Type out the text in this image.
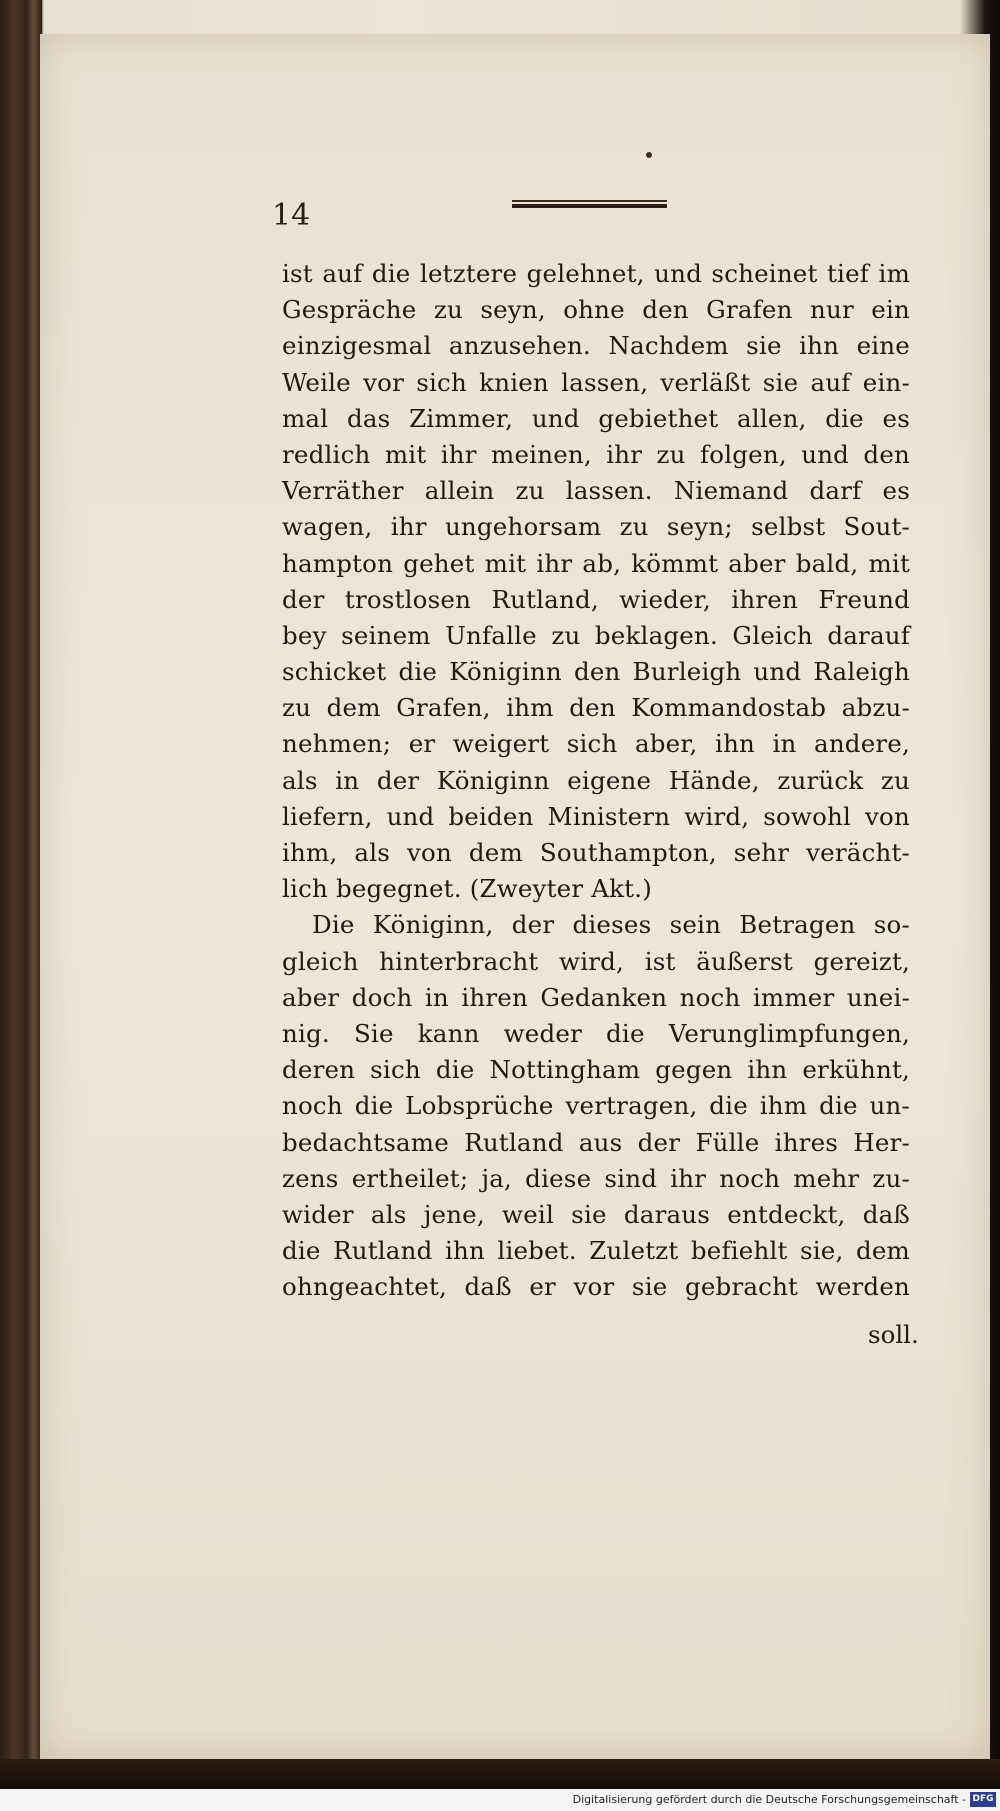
14
ist auf die letztere gelehnet, und scheinet tief im
Gespräche zu seyn, ohne den Grafen nur ein
einzigesmal anzusehen. Nachdem sie ihn eine
Weile vor sich knien lassen, verläßt sie auf ein-
mal das Zimmer, und gebiethet allen, die es
redlich mit ihr meinen, ihr zu folgen, und den
Verräther allein zu lassen. Niemand darf es
wagen, ihr ungehorsam zu seyn; selbst Sout-
hampton gehet mit ihr ab, kömmt aber bald, mit
der trostlosen Rutland, wieder, ihren Freund
bey seinem Unfalle zu beklagen. Gleich darauf
schicket die Königinn den Burleigh und Raleigh
zu dem Grafen, ihm den Kommandostab abzu-
nehmen; er weigert sich aber, ihn in andere,
als in der Königinn eigene Hände, zurück zu
liefern, und beiden Ministern wird, sowohl von
ihm, als von dem Southampton, sehr verächt-
lich begegnet. (Zweyter Akt.)
Die Königinn, der dieses sein Betragen so-
gleich hinterbracht wird, ist äußerst gereizt,
aber doch in ihren Gedanken noch immer unei-
nig. Sie kann weder die Verunglimpfungen,
deren sich die Nottingham gegen ihn erkühnt,
noch die Lobsprüche vertragen, die ihm die un-
bedachtsame Rutland aus der Fülle ihres Her-
zens ertheilet; ja, diese sind ihr noch mehr zu-
wider als jene, weil sie daraus entdeckt, daß
die Rutland ihn liebet. Zuletzt befiehlt sie, dem
ohngeachtet, daß er vor sie gebracht werden
soll.
Digitalisierung gefördert durch die Deutsche Forschungsgemeinschaft - DFG
